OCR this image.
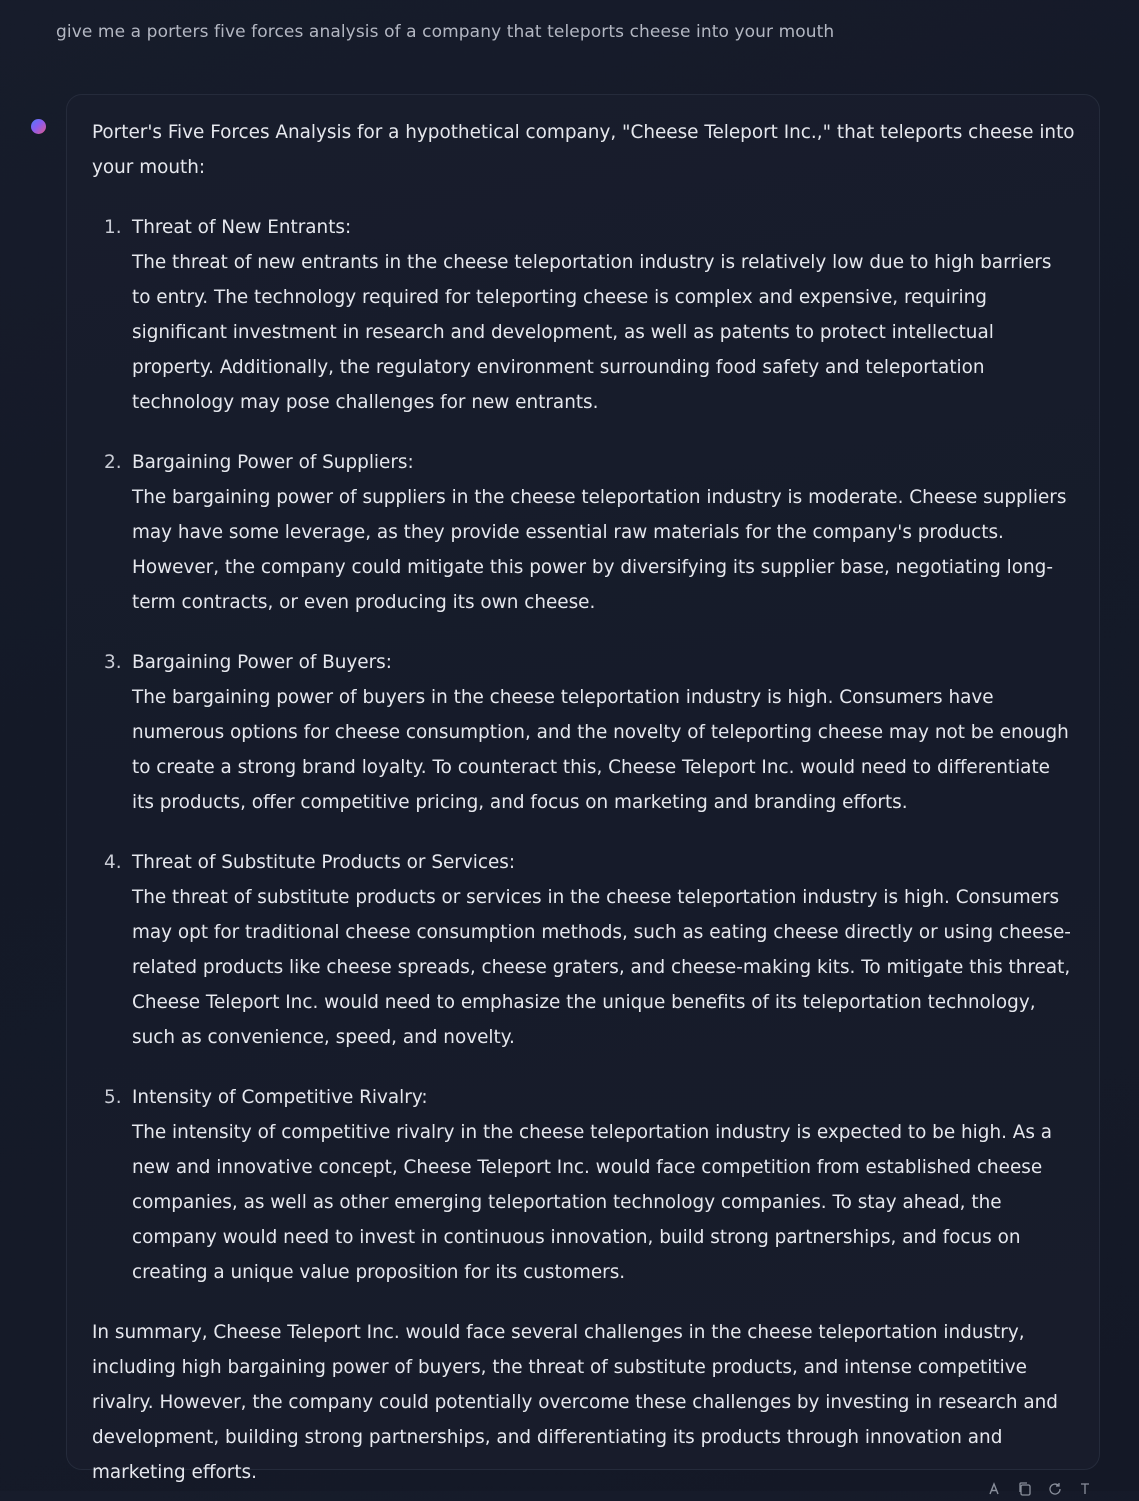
give me a porters five forces analysis of a company that teleports cheese into your mouth

Porter's Five Forces Analysis for a hypothetical company, "Cheese Teleport Inc.," that teleports cheese into your mouth:

1. Threat of New Entrants:
The threat of new entrants in the cheese teleportation industry is relatively low due to high barriers to entry. The technology required for teleporting cheese is complex and expensive, requiring significant investment in research and development, as well as patents to protect intellectual property. Additionally, the regulatory environment surrounding food safety and teleportation technology may pose challenges for new entrants.
2. Bargaining Power of Suppliers:
The bargaining power of suppliers in the cheese teleportation industry is moderate. Cheese suppliers may have some leverage, as they provide essential raw materials for the company's products. However, the company could mitigate this power by diversifying its supplier base, negotiating long-term contracts, or even producing its own cheese.
3. Bargaining Power of Buyers:
The bargaining power of buyers in the cheese teleportation industry is high. Consumers have numerous options for cheese consumption, and the novelty of teleporting cheese may not be enough to create a strong brand loyalty. To counteract this, Cheese Teleport Inc. would need to differentiate its products, offer competitive pricing, and focus on marketing and branding efforts.
4. Threat of Substitute Products or Services:
The threat of substitute products or services in the cheese teleportation industry is high. Consumers may opt for traditional cheese consumption methods, such as eating cheese directly or using cheese-related products like cheese spreads, cheese graters, and cheese-making kits. To mitigate this threat, Cheese Teleport Inc. would need to emphasize the unique benefits of its teleportation technology, such as convenience, speed, and novelty.
5. Intensity of Competitive Rivalry:
The intensity of competitive rivalry in the cheese teleportation industry is expected to be high. As a new and innovative concept, Cheese Teleport Inc. would face competition from established cheese companies, as well as other emerging teleportation technology companies. To stay ahead, the company would need to invest in continuous innovation, build strong partnerships, and focus on creating a unique value proposition for its customers.

In summary, Cheese Teleport Inc. would face several challenges in the cheese teleportation industry, including high bargaining power of buyers, the threat of substitute products, and intense competitive rivalry. However, the company could potentially overcome these challenges by investing in research and development, building strong partnerships, and differentiating its products through innovation and marketing efforts.
